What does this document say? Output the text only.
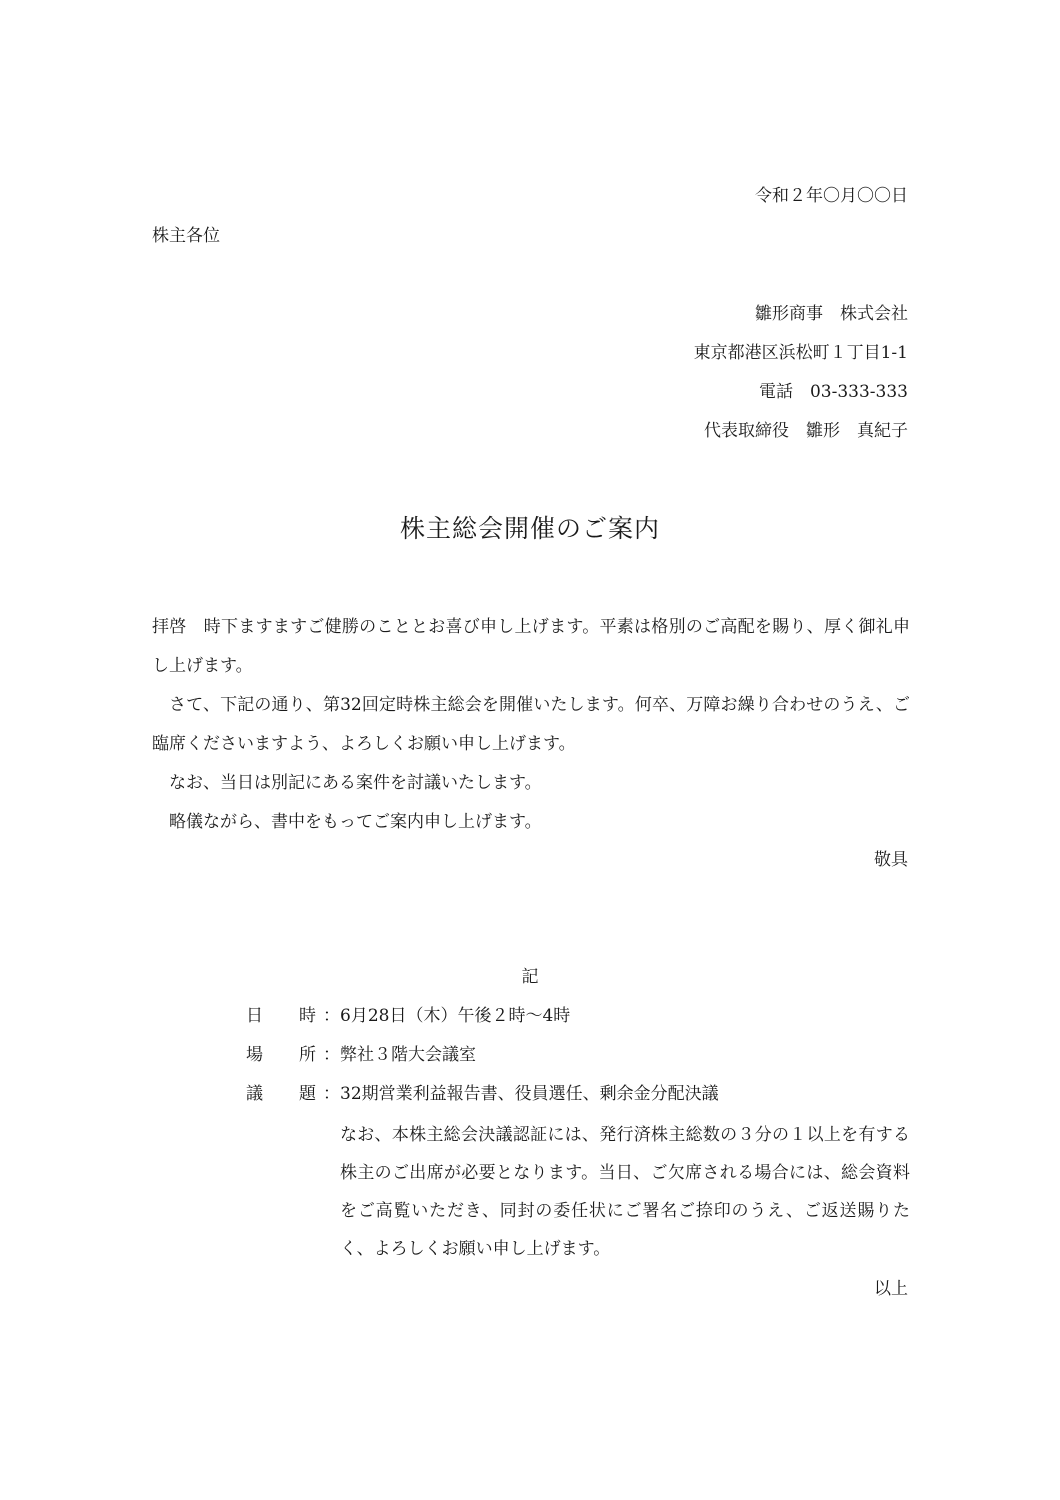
令和２年〇月〇〇日
株主各位
雛形商事　株式会社
東京都港区浜松町１丁目1-1
電話　03-333-333
代表取締役　雛形　真紀子
株主総会開催のご案内
拝啓　時下ますますご健勝のこととお喜び申し上げます。平素は格別のご高配を賜り、厚く御礼申し上げます。
さて、下記の通り、第32回定時株主総会を開催いたします。何卒、万障お繰り合わせのうえ、ご臨席くださいますよう、よろしくお願い申し上げます。
なお、当日は別記にある案件を討議いたします。
略儀ながら、書中をもってご案内申し上げます。
敬具
記
日 時 ：6月28日（木）午後２時～4時
場 所 ：弊社３階大会議室
議 題 ：32期営業利益報告書、役員選任、剰余金分配決議
なお、本株主総会決議認証には、発行済株主総数の３分の１以上を有する株主のご出席が必要となります。当日、ご欠席される場合には、総会資料をご高覧いただき、同封の委任状にご署名ご捺印のうえ、ご返送賜りたく、よろしくお願い申し上げます。
以上
